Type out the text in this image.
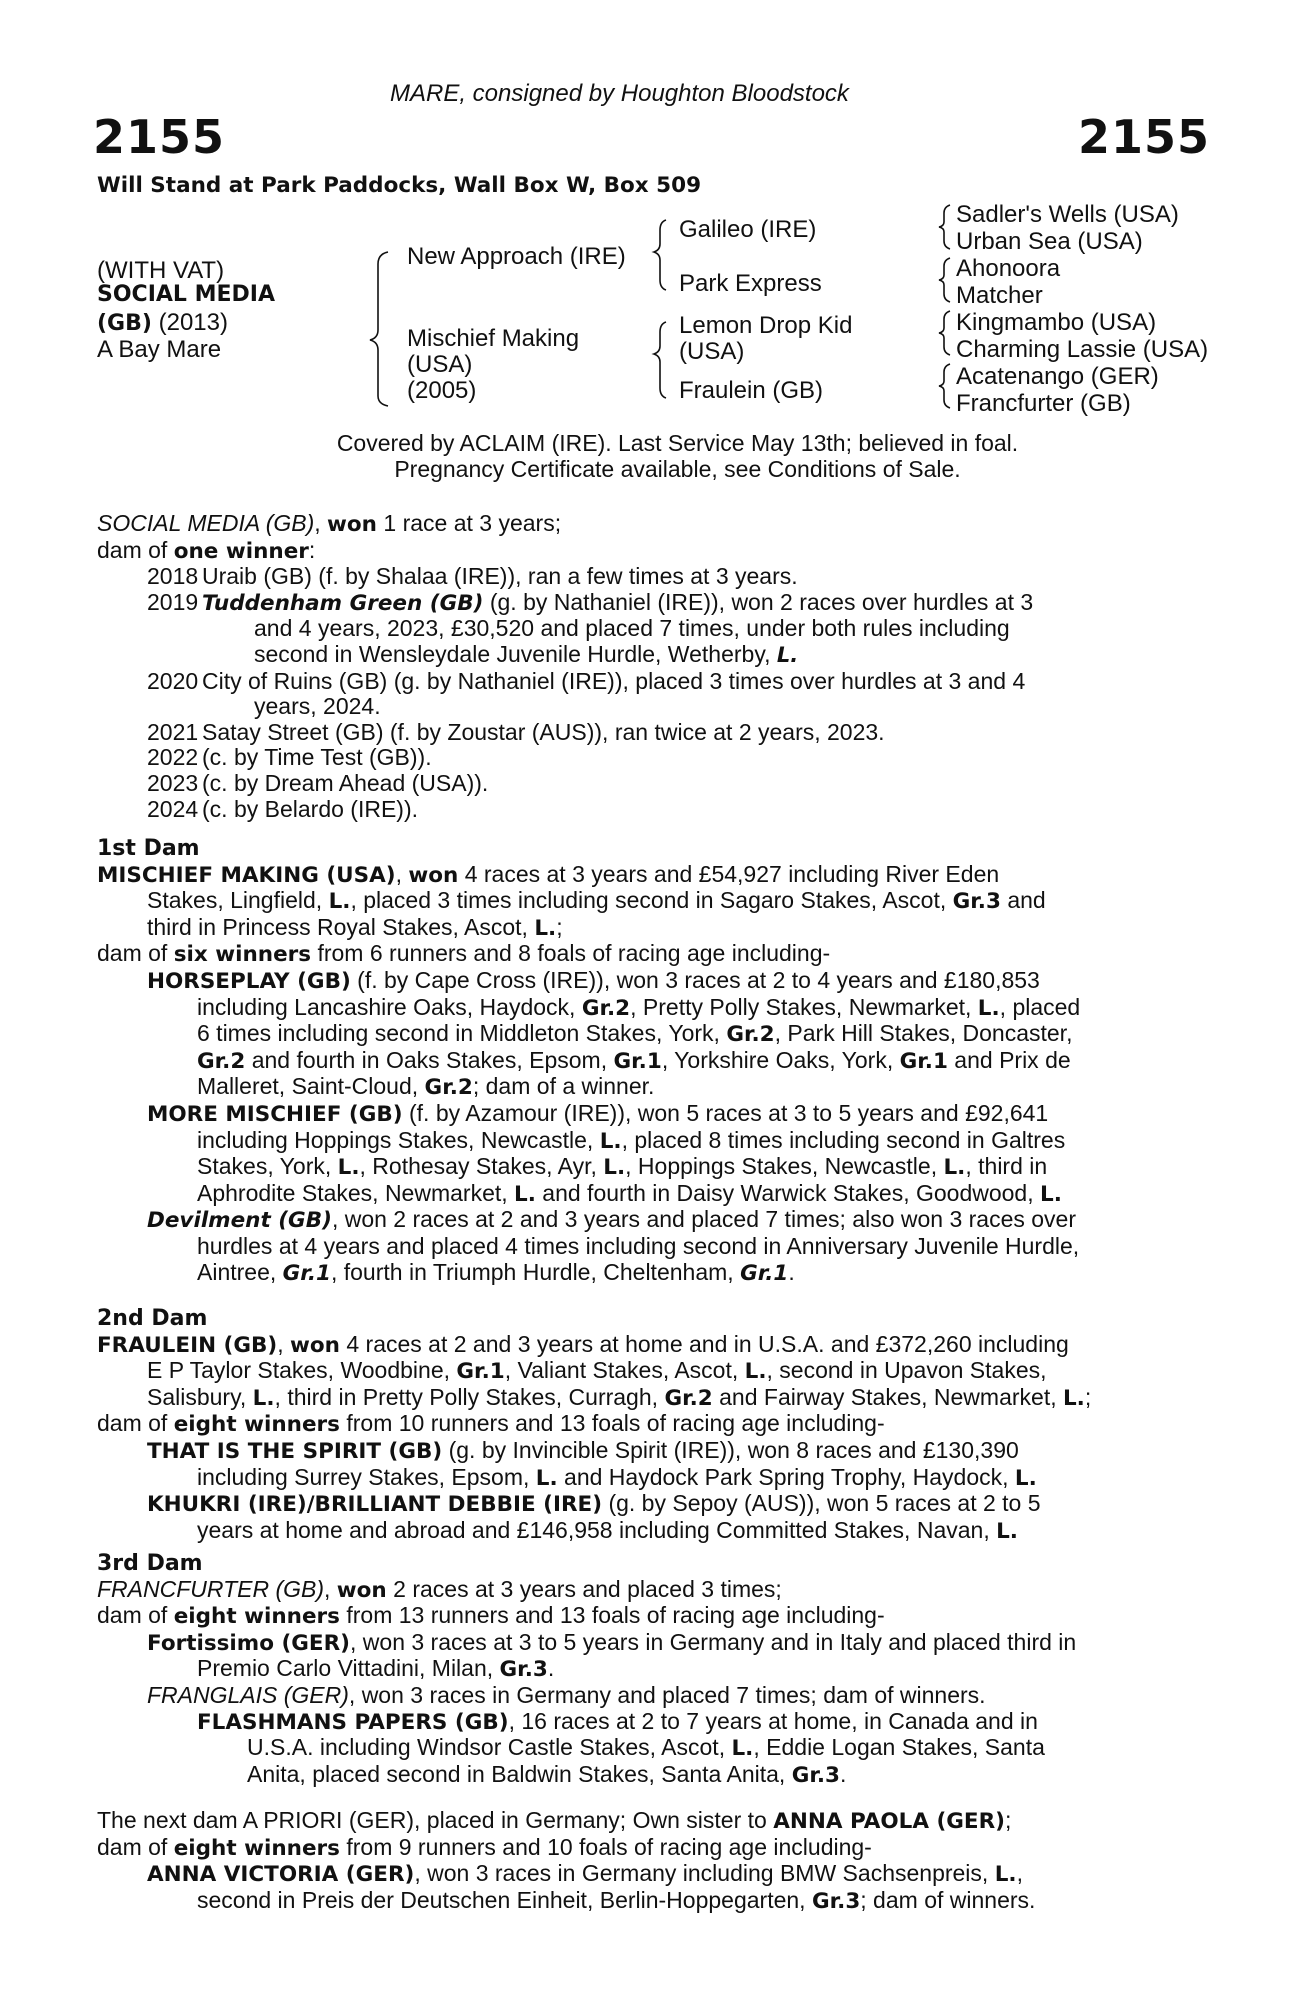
MARE, consigned by Houghton Bloodstock
2155	2155
Will Stand at Park Paddocks, Wall Box W, Box 509
(WITH VAT)
SOCIAL MEDIA
(GB) (2013)
A Bay Mare
New Approach (IRE)
Mischief Making
(USA)
(2005)
Galileo (IRE)
Park Express
Lemon Drop Kid
(USA)
Fraulein (GB)
Sadler's Wells (USA)
Urban Sea (USA)
Ahonoora
Matcher
Kingmambo (USA)
Charming Lassie (USA)
Acatenango (GER)
Francfurter (GB)
Covered by ACLAIM (IRE). Last Service May 13th; believed in foal.
Pregnancy Certificate available, see Conditions of Sale.

SOCIAL MEDIA (GB), won 1 race at 3 years;

dam of one winner:

2018 Uraib (GB) (f. by Shalaa (IRE)), ran a few times at 3 years.
2019 Tuddenham Green (GB) (g. by Nathaniel (IRE)), won 2 races over hurdles at 3
and 4 years, 2023, £30,520 and placed 7 times, under both rules including
second in Wensleydale Juvenile Hurdle, Wetherby, L.
2020 City of Ruins (GB) (g. by Nathaniel (IRE)), placed 3 times over hurdles at 3 and 4
years, 2024.
2021 Satay Street (GB) (f. by Zoustar (AUS)), ran twice at 2 years, 2023.
2022 (c. by Time Test (GB)).
2023 (c. by Dream Ahead (USA)).
2024 (c. by Belardo (IRE)).

1st Dam

MISCHIEF MAKING (USA), won 4 races at 3 years and £54,927 including River Eden

Stakes, Lingfield, L., placed 3 times including second in Sagaro Stakes, Ascot, Gr.3 and

third in Princess Royal Stakes, Ascot, L.;

dam of six winners from 6 runners and 8 foals of racing age including-

HORSEPLAY (GB) (f. by Cape Cross (IRE)), won 3 races at 2 to 4 years and £180,853

including Lancashire Oaks, Haydock, Gr.2, Pretty Polly Stakes, Newmarket, L., placed

6 times including second in Middleton Stakes, York, Gr.2, Park Hill Stakes, Doncaster,

Gr.2 and fourth in Oaks Stakes, Epsom, Gr.1, Yorkshire Oaks, York, Gr.1 and Prix de

Malleret, Saint-Cloud, Gr.2; dam of a winner.

MORE MISCHIEF (GB) (f. by Azamour (IRE)), won 5 races at 3 to 5 years and £92,641

including Hoppings Stakes, Newcastle, L., placed 8 times including second in Galtres

Stakes, York, L., Rothesay Stakes, Ayr, L., Hoppings Stakes, Newcastle, L., third in

Aphrodite Stakes, Newmarket, L. and fourth in Daisy Warwick Stakes, Goodwood, L.

Devilment (GB), won 2 races at 2 and 3 years and placed 7 times; also won 3 races over

hurdles at 4 years and placed 4 times including second in Anniversary Juvenile Hurdle,

Aintree, Gr.1, fourth in Triumph Hurdle, Cheltenham, Gr.1.

2nd Dam

FRAULEIN (GB), won 4 races at 2 and 3 years at home and in U.S.A. and £372,260 including

E P Taylor Stakes, Woodbine, Gr.1, Valiant Stakes, Ascot, L., second in Upavon Stakes,

Salisbury, L., third in Pretty Polly Stakes, Curragh, Gr.2 and Fairway Stakes, Newmarket, L.;

dam of eight winners from 10 runners and 13 foals of racing age including-

THAT IS THE SPIRIT (GB) (g. by Invincible Spirit (IRE)), won 8 races and £130,390

including Surrey Stakes, Epsom, L. and Haydock Park Spring Trophy, Haydock, L.

KHUKRI (IRE)/BRILLIANT DEBBIE (IRE) (g. by Sepoy (AUS)), won 5 races at 2 to 5

years at home and abroad and £146,958 including Committed Stakes, Navan, L.

3rd Dam

FRANCFURTER (GB), won 2 races at 3 years and placed 3 times;

dam of eight winners from 13 runners and 13 foals of racing age including-

Fortissimo (GER), won 3 races at 3 to 5 years in Germany and in Italy and placed third in

Premio Carlo Vittadini, Milan, Gr.3.

FRANGLAIS (GER), won 3 races in Germany and placed 7 times; dam of winners.

FLASHMANS PAPERS (GB), 16 races at 2 to 7 years at home, in Canada and in

U.S.A. including Windsor Castle Stakes, Ascot, L., Eddie Logan Stakes, Santa

Anita, placed second in Baldwin Stakes, Santa Anita, Gr.3.

The next dam A PRIORI (GER), placed in Germany; Own sister to ANNA PAOLA (GER);

dam of eight winners from 9 runners and 10 foals of racing age including-

ANNA VICTORIA (GER), won 3 races in Germany including BMW Sachsenpreis, L.,

second in Preis der Deutschen Einheit, Berlin-Hoppegarten, Gr.3; dam of winners.
